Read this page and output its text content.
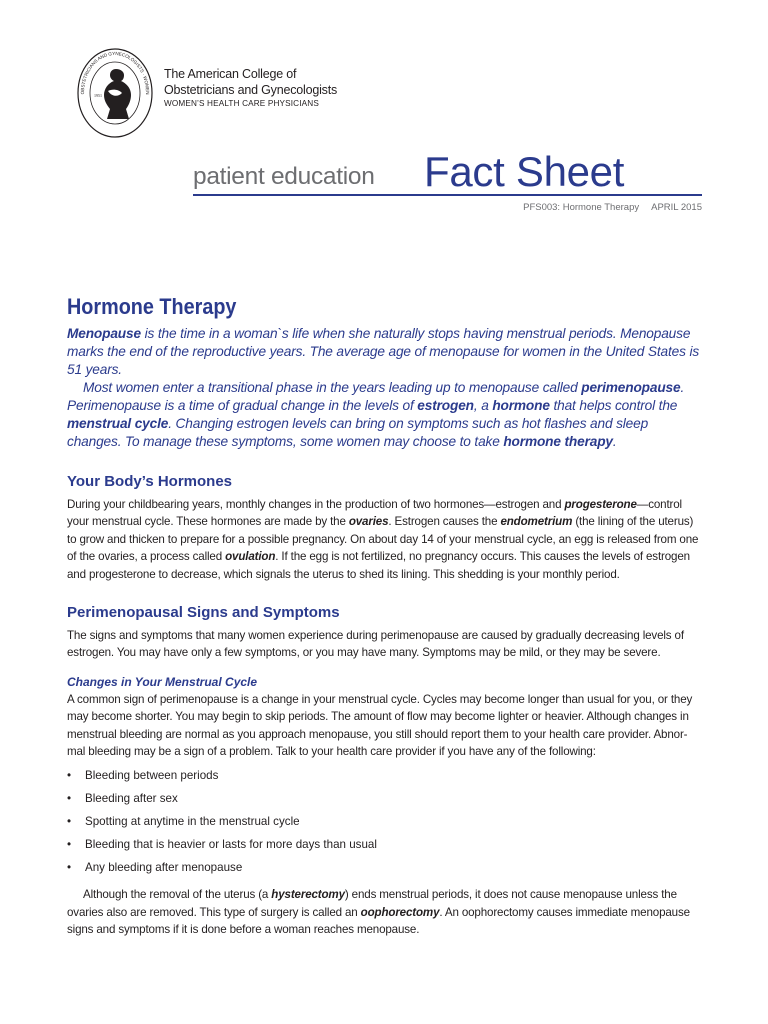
OBSTETRICIANS AND GYNECOLOGISTS · WOMEN
1951
The American College of
Obstetricians and Gynecologists
WOMEN’S HEALTH CARE PHYSICIANS
patient education Fact Sheet
PFS003: Hormone Therapy APRIL 2015
Hormone Therapy

Menopause is the time in a woman`s life when she naturally stops having menstrual periods. Menopause marks the end of the reproductive years. The average age of menopause for women in the United States is 51 years.

Most women enter a transitional phase in the years leading up to menopause called perimenopause. Perimenopause is a time of gradual change in the levels of estrogen, a hormone that helps control the menstrual cycle. Changing estrogen levels can bring on symptoms such as hot flashes and sleep changes. To manage these symptoms, some women may choose to take hormone therapy.

Your Body’s Hormones

During your childbearing years, monthly changes in the production of two hormones—estrogen and progesterone—control your menstrual cycle. These hormones are made by the ovaries. Estrogen causes the endometrium (the lining of the uterus) to grow and thicken to prepare for a possible pregnancy. On about day 14 of your menstrual cycle, an egg is released from one of the ovaries, a process called ovulation. If the egg is not fertilized, no pregnancy occurs. This causes the levels of estrogen and progesterone to decrease, which signals the uterus to shed its lining. This shedding is your monthly period.

Perimenopausal Signs and Symptoms

The signs and symptoms that many women experience during perimenopause are caused by gradually decreasing levels of estrogen. You may have only a few symptoms, or you may have many. Symptoms may be mild, or they may be severe.

Changes in Your Menstrual Cycle

A common sign of perimenopause is a change in your menstrual cycle. Cycles may become longer than usual for you, or they may become shorter. You may begin to skip periods. The amount of flow may become lighter or heavier. Although changes in menstrual bleeding are normal as you approach menopause, you still should report them to your health care provider. Abnor-mal bleeding may be a sign of a problem. Talk to your health care provider if you have any of the following:

• Bleeding between periods
• Bleeding after sex
• Spotting at anytime in the menstrual cycle
• Bleeding that is heavier or lasts for more days than usual
• Any bleeding after menopause

Although the removal of the uterus (a hysterectomy) ends menstrual periods, it does not cause menopause unless the ovaries also are removed. This type of surgery is called an oophorectomy. An oophorectomy causes immediate menopause signs and symptoms if it is done before a woman reaches menopause.
